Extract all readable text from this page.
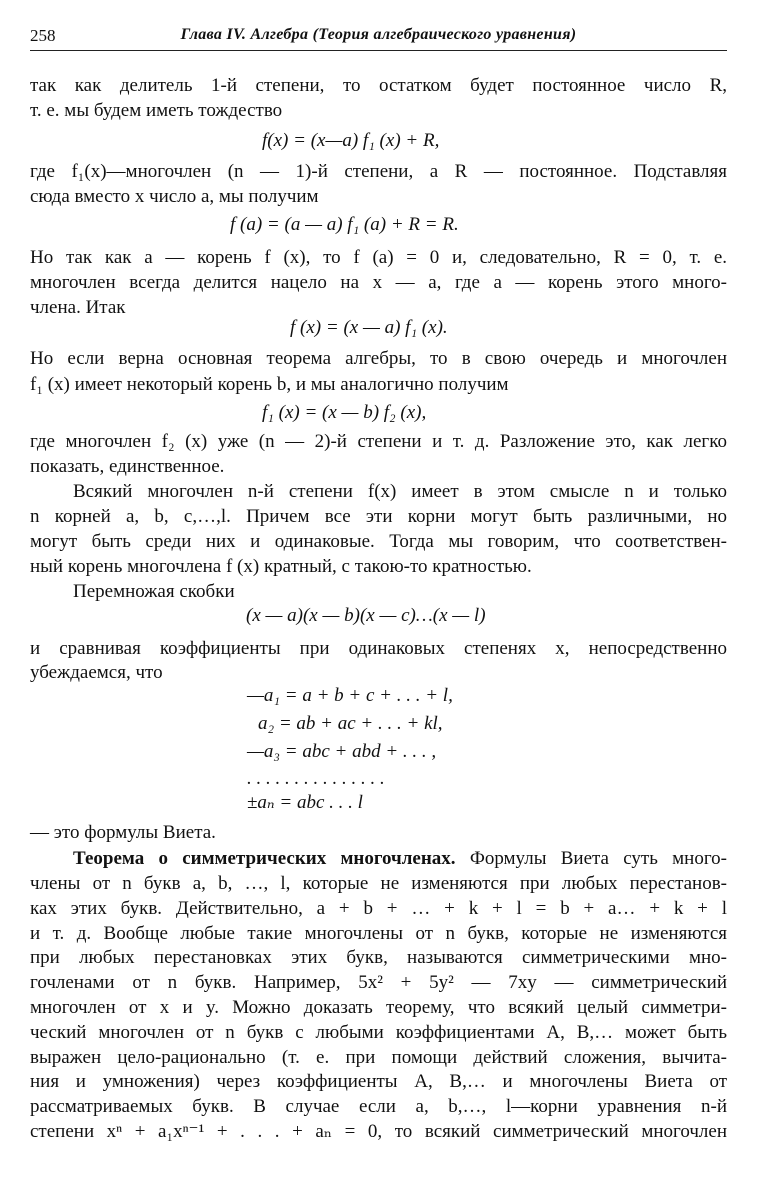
258	Глава IV. Алгебра (Теория алгебраического уравнения)
так как делитель 1-й степени, то остатком будет постоянное число R,
т. е. мы будем иметь тождество
f(x) = (x—a) f₁ (x) + R,
где f₁(x)—многочлен (n — 1)-й степени, а R — постоянное. Подставляя
сюда вместо x число a, мы получим
f (a) = (a — a) f₁ (a) + R = R.
Но так как a — корень f (x), то f (a) = 0 и, следовательно, R = 0, т. е.
многочлен всегда делится нацело на x — a, где a — корень этого много-
члена. Итак
f (x) = (x — a) f₁ (x).
Но если верна основная теорема алгебры, то в свою очередь и многочлен
f₁ (x) имеет некоторый корень b, и мы аналогично получим
f₁ (x) = (x — b) f₂ (x),
где многочлен f₂ (x) уже (n — 2)-й степени и т. д. Разложение это, как легко
показать, единственное.
Всякий многочлен n-й степени f(x) имеет в этом смысле n и только
n корней a, b, c,…,l. Причем все эти корни могут быть различными, но
могут быть среди них и одинаковые. Тогда мы говорим, что соответствен-
ный корень многочлена f (x) кратный, с такою-то кратностью.
Перемножая скобки
(x — a)(x — b)(x — c)…(x — l)
и сравнивая коэффициенты при одинаковых степенях x, непосредственно
убеждаемся, что
—a₁ = a + b + c + . . . + l,
a₂ = ab + ac + . . . + kl,
—a₃ = abc + abd + . . . ,
. . . . . . . . . . . . . . .
±aₙ = abc . . . l
— это формулы Виета.
Теорема о симметрических многочленах. Формулы Виета суть много-
члены от n букв a, b, …, l, которые не изменяются при любых перестанов-
ках этих букв. Действительно, a + b + … + k + l = b + a… + k + l
и т. д. Вообще любые такие многочлены от n букв, которые не изменяются
при любых перестановках этих букв, называются симметрическими мно-
гочленами от n букв. Например, 5x² + 5y² — 7xy — симметрический
многочлен от x и y. Можно доказать теорему, что всякий целый симметри-
ческий многочлен от n букв с любыми коэффициентами A, B,… может быть
выражен цело-рационально (т. е. при помощи действий сложения, вычита-
ния и умножения) через коэффициенты A, B,… и многочлены Виета от
рассматриваемых букв. В случае если a, b,…, l—корни уравнения n-й
степени xⁿ + a₁xⁿ⁻¹ + . . . + aₙ = 0, то всякий симметрический многочлен
